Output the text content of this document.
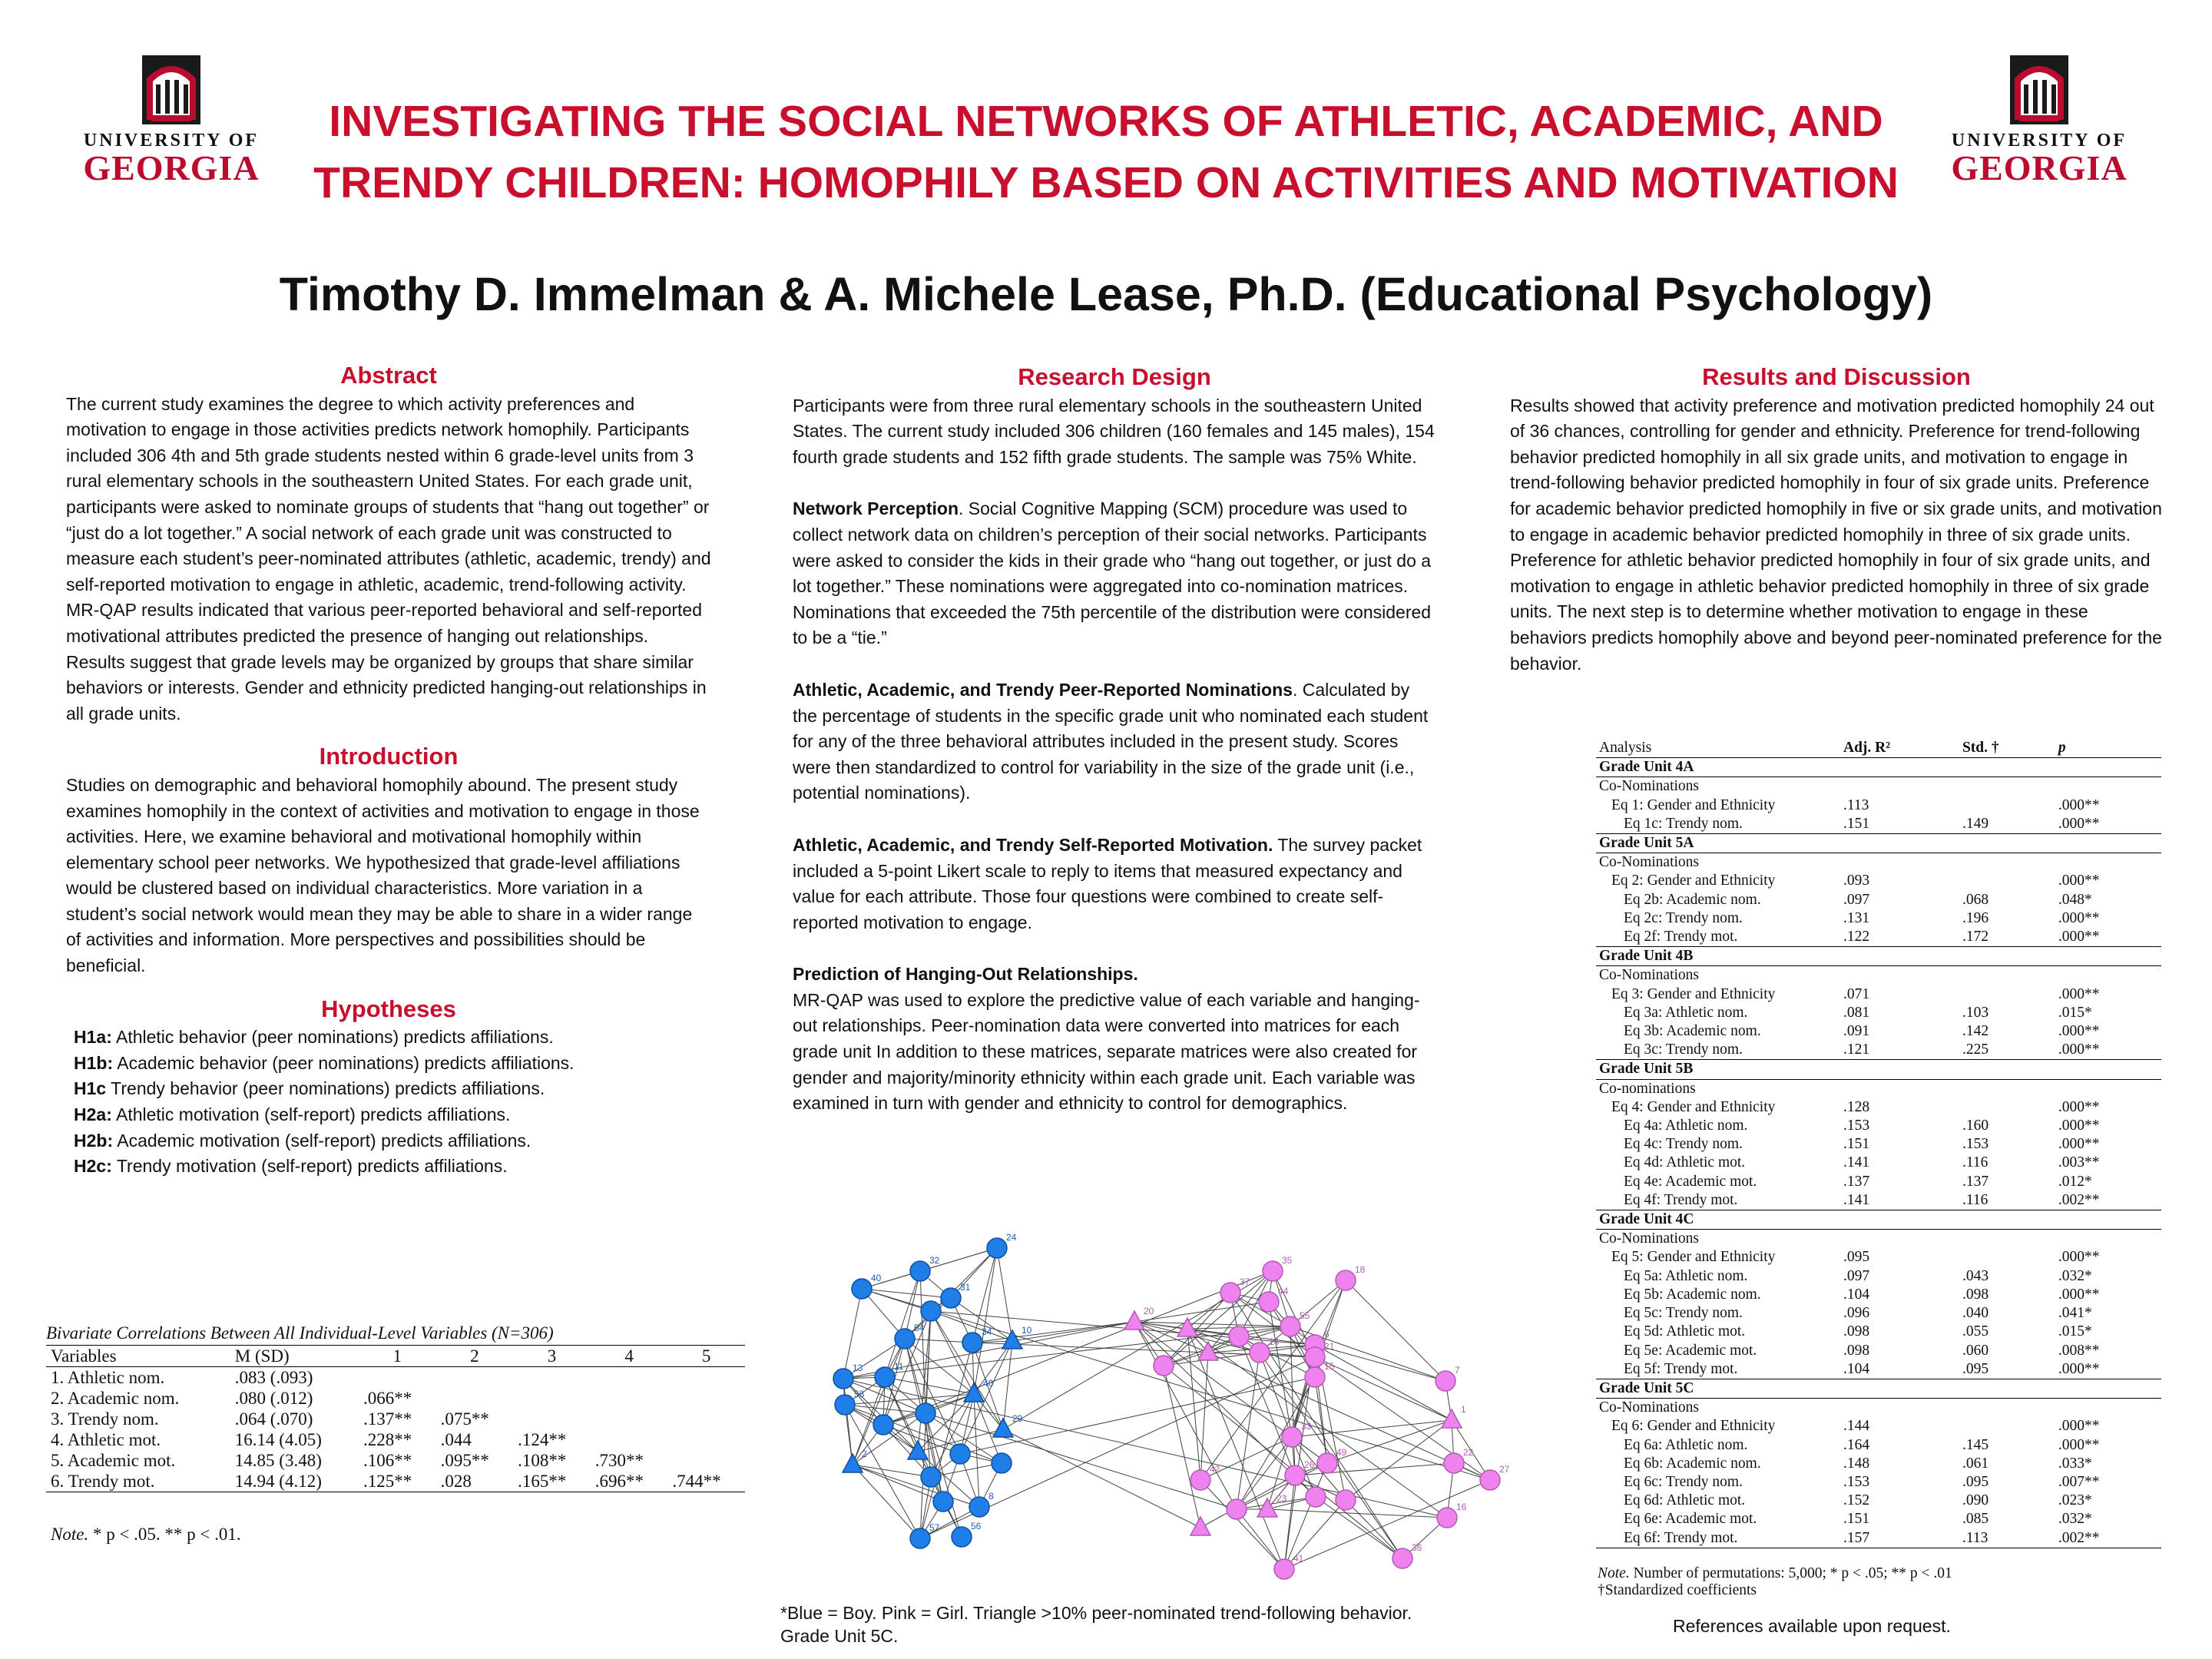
UNIVERSITY OF
GEORGIA
UNIVERSITY OF
GEORGIA
INVESTIGATING THE SOCIAL NETWORKS OF ATHLETIC, ACADEMIC, AND
TRENDY CHILDREN: HOMOPHILY BASED ON ACTIVITIES AND MOTIVATION
Timothy D. Immelman & A. Michele Lease, Ph.D. (Educational Psychology)
Abstract

The current study examines the degree to which activity preferences and motivation to engage in those activities predicts network homophily. Participants included 306 4th and 5th grade students nested within 6 grade-level units from 3 rural elementary schools in the southeastern United States. For each grade unit, participants were asked to nominate groups of students that “hang out together” or “just do a lot together.” A social network of each grade unit was constructed to measure each student’s peer-nominated attributes (athletic, academic, trendy) and self-reported motivation to engage in athletic, academic, trend-following activity. MR-QAP results indicated that various peer-reported behavioral and self-reported motivational attributes predicted the presence of hanging out relationships. Results suggest that grade levels may be organized by groups that share similar behaviors or interests. Gender and ethnicity predicted hanging-out relationships in all grade units.

Introduction

Studies on demographic and behavioral homophily abound. The present study examines homophily in the context of activities and motivation to engage in those activities. Here, we examine behavioral and motivational homophily within elementary school peer networks. We hypothesized that grade-level affiliations would be clustered based on individual characteristics. More variation in a student’s social network would mean they may be able to share in a wider range of activities and information. More perspectives and possibilities should be beneficial.

Hypotheses
H1a: Athletic behavior (peer nominations) predicts affiliations.
H1b: Academic behavior (peer nominations) predicts affiliations.
H1c Trendy behavior (peer nominations) predicts affiliations.
H2a: Athletic motivation (self-report) predicts affiliations.
H2b: Academic motivation (self-report) predicts affiliations.
H2c: Trendy motivation (self-report) predicts affiliations.
Bivariate Correlations Between All Individual-Level Variables (N=306)
Variables	M (SD)	1	2	3	4	5
1. Athletic nom.	.083 (.093)					
2. Academic nom.	.080 (.012)	.066**				
3. Trendy nom.	.064 (.070)	.137**	.075**			
4. Athletic mot.	16.14 (4.05)	.228**	.044	.124**		
5. Academic mot.	14.85 (3.48)	.106**	.095**	.108**	.730**	
6. Trendy mot.	14.94 (4.12)	.125**	.028	.165**	.696**	.744**
Note. * p < .05. ** p < .01.
Research Design

Participants were from three rural elementary schools in the southeastern United States. The current study included 306 children (160 females and 145 males), 154 fourth grade students and 152 fifth grade students. The sample was 75% White.

Network Perception. Social Cognitive Mapping (SCM) procedure was used to collect network data on children’s perception of their social networks. Participants were asked to consider the kids in their grade who “hang out together, or just do a lot together.” These nominations were aggregated into co-nomination matrices. Nominations that exceeded the 75th percentile of the distribution were considered to be a “tie.”

Athletic, Academic, and Trendy Peer-Reported Nominations. Calculated by the percentage of students in the specific grade unit who nominated each student for any of the three behavioral attributes included in the present study. Scores were then standardized to control for variability in the size of the grade unit (i.e., potential nominations).

Athletic, Academic, and Trendy Self-Reported Motivation. The survey packet included a 5-point Likert scale to reply to items that measured expectancy and value for each attribute. Those four questions were combined to create self-reported motivation to engage.

Prediction of Hanging-Out Relationships.
MR-QAP was used to explore the predictive value of each variable and hanging-out relationships. Peer-nomination data were converted into matrices for each grade unit In addition to these matrices, separate matrices were also created for gender and majority/minority ethnicity within each grade unit. Each variable was examined in turn with gender and ethnicity to control for demographics.

32
40
31
54
24
13	11
58
34	10
46
29
57	56
8
2
35
37
44
18
55
6
21
20
14
15	7
1
33
49	22
27
42
16
36
41
23
26
*Blue = Boy. Pink = Girl. Triangle >10% peer-nominated trend-following behavior.
Grade Unit 5C.
Results and Discussion

Results showed that activity preference and motivation predicted homophily 24 out of 36 chances, controlling for gender and ethnicity. Preference for trend-following behavior predicted homophily in all six grade units, and motivation to engage in trend-following behavior predicted homophily in four of six grade units. Preference for academic behavior predicted homophily in five or six grade units, and motivation to engage in academic behavior predicted homophily in three of six grade units. Preference for athletic behavior predicted homophily in four of six grade units, and motivation to engage in athletic behavior predicted homophily in three of six grade units. The next step is to determine whether motivation to engage in these behaviors predicts homophily above and beyond peer-nominated preference for the behavior.

Analysis	Adj. R²	Std. †	p
Grade Unit 4A			
Co-Nominations			
Eq 1: Gender and Ethnicity	.113		.000**
Eq 1c: Trendy nom.	.151	.149	.000**
Grade Unit 5A			
Co-Nominations			
Eq 2: Gender and Ethnicity	.093		.000**
Eq 2b: Academic nom.	.097	.068	.048*
Eq 2c: Trendy nom.	.131	.196	.000**
Eq 2f: Trendy mot.	.122	.172	.000**
Grade Unit 4B			
Co-Nominations			
Eq 3: Gender and Ethnicity	.071		.000**
Eq 3a: Athletic nom.	.081	.103	.015*
Eq 3b: Academic nom.	.091	.142	.000**
Eq 3c: Trendy nom.	.121	.225	.000**
Grade Unit 5B			
Co-nominations			
Eq 4: Gender and Ethnicity	.128		.000**
Eq 4a: Athletic nom.	.153	.160	.000**
Eq 4c: Trendy nom.	.151	.153	.000**
Eq 4d: Athletic mot.	.141	.116	.003**
Eq 4e: Academic mot.	.137	.137	.012*
Eq 4f: Trendy mot.	.141	.116	.002**
Grade Unit 4C			
Co-Nominations			
Eq 5: Gender and Ethnicity	.095		.000**
Eq 5a: Athletic nom.	.097	.043	.032*
Eq 5b: Academic nom.	.104	.098	.000**
Eq 5c: Trendy nom.	.096	.040	.041*
Eq 5d: Athletic mot.	.098	.055	.015*
Eq 5e: Academic mot.	.098	.060	.008**
Eq 5f: Trendy mot.	.104	.095	.000**
Grade Unit 5C			
Co-Nominations			
Eq 6: Gender and Ethnicity	.144		.000**
Eq 6a: Athletic nom.	.164	.145	.000**
Eq 6b: Academic nom.	.148	.061	.033*
Eq 6c: Trendy nom.	.153	.095	.007**
Eq 6d: Athletic mot.	.152	.090	.023*
Eq 6e: Academic mot.	.151	.085	.032*
Eq 6f: Trendy mot.	.157	.113	.002**
Note. Number of permutations: 5,000; * p < .05; ** p < .01
†Standardized coefficients
References available upon request.
